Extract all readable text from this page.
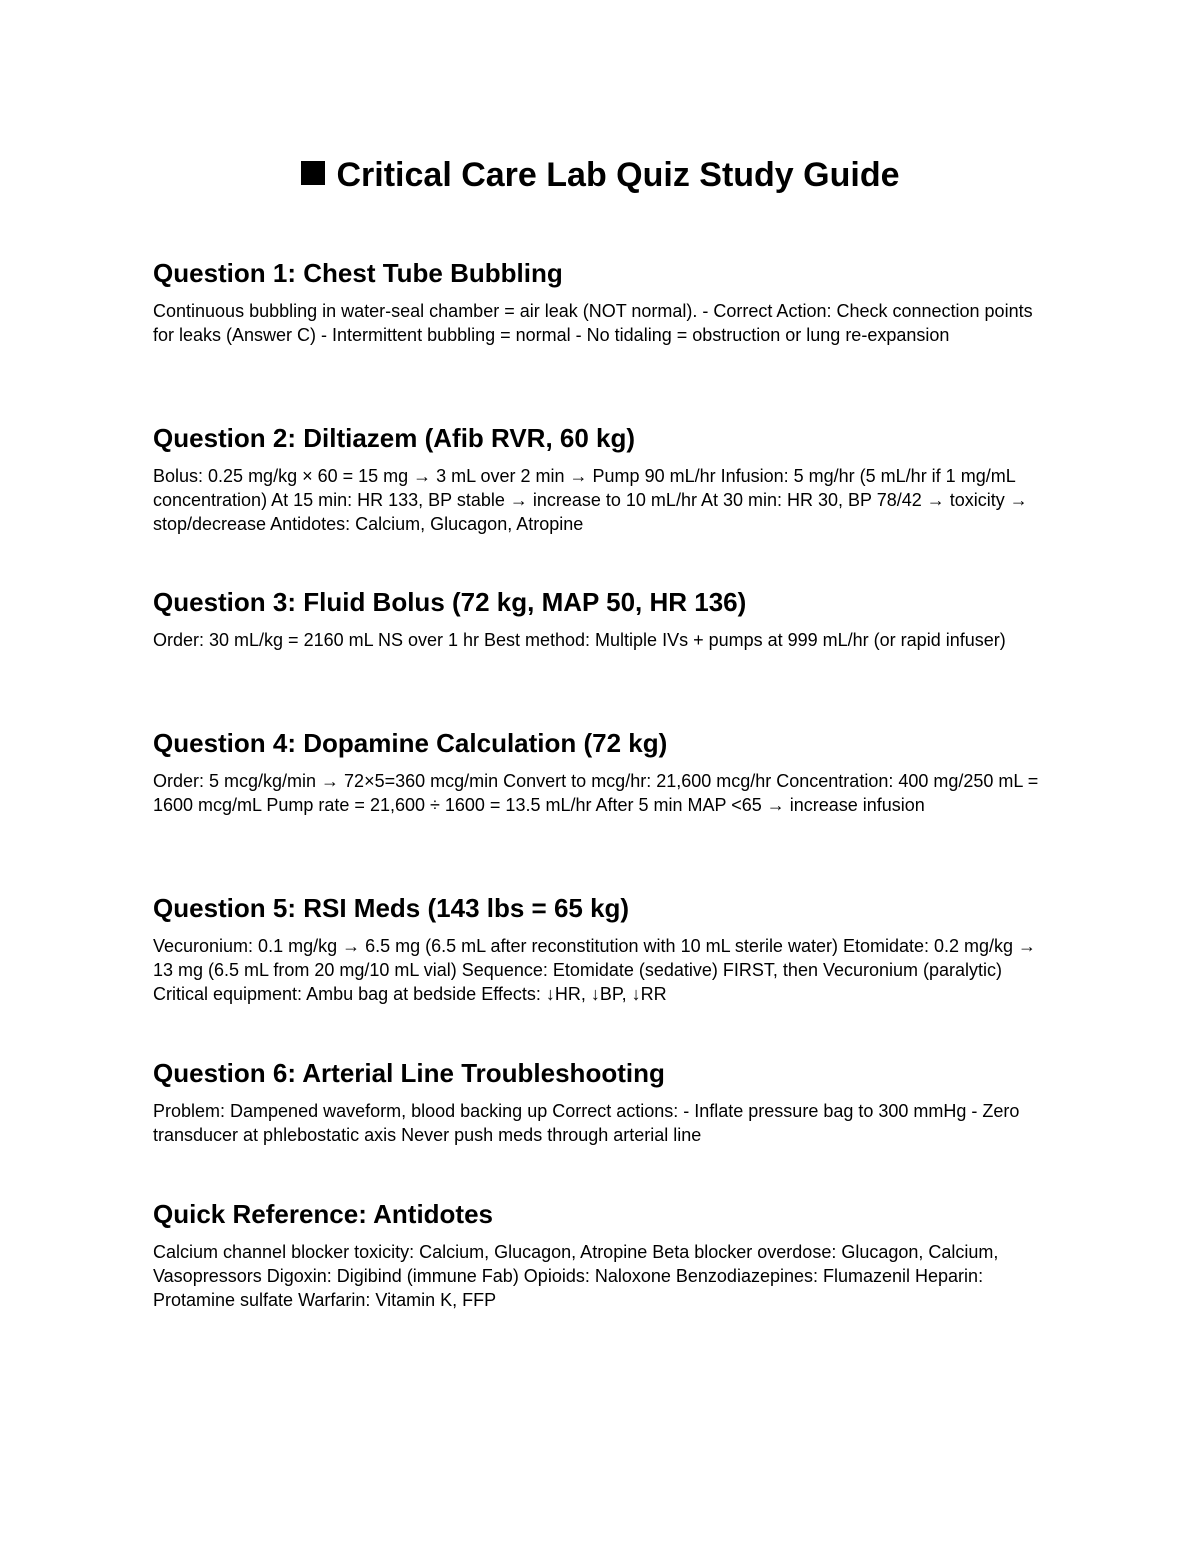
Critical Care Lab Quiz Study Guide
Question 1: Chest Tube Bubbling

Continuous bubbling in water-seal chamber = air leak (NOT normal). - Correct Action: Check connection points for leaks (Answer C) - Intermittent bubbling = normal - No tidaling = obstruction or lung re-expansion

Question 2: Diltiazem (Afib RVR, 60 kg)

Bolus: 0.25 mg/kg × 60 = 15 mg → 3 mL over 2 min → Pump 90 mL/hr Infusion: 5 mg/hr (5 mL/hr if 1 mg/mL concentration) At 15 min: HR 133, BP stable → increase to 10 mL/hr At 30 min: HR 30, BP 78/42 → toxicity → stop/decrease Antidotes: Calcium, Glucagon, Atropine

Question 3: Fluid Bolus (72 kg, MAP 50, HR 136)

Order: 30 mL/kg = 2160 mL NS over 1 hr Best method: Multiple IVs + pumps at 999 mL/hr (or rapid infuser)

Question 4: Dopamine Calculation (72 kg)

Order: 5 mcg/kg/min → 72×5=360 mcg/min Convert to mcg/hr: 21,600 mcg/hr Concentration: 400 mg/250 mL = 1600 mcg/mL Pump rate = 21,600 ÷ 1600 = 13.5 mL/hr After 5 min MAP <65 → increase infusion

Question 5: RSI Meds (143 lbs = 65 kg)

Vecuronium: 0.1 mg/kg → 6.5 mg (6.5 mL after reconstitution with 10 mL sterile water) Etomidate: 0.2 mg/kg → 13 mg (6.5 mL from 20 mg/10 mL vial) Sequence: Etomidate (sedative) FIRST, then Vecuronium (paralytic) Critical equipment: Ambu bag at bedside Effects: ↓HR, ↓BP, ↓RR

Question 6: Arterial Line Troubleshooting

Problem: Dampened waveform, blood backing up Correct actions: - Inflate pressure bag to 300 mmHg - Zero transducer at phlebostatic axis Never push meds through arterial line

Quick Reference: Antidotes

Calcium channel blocker toxicity: Calcium, Glucagon, Atropine Beta blocker overdose: Glucagon, Calcium, Vasopressors Digoxin: Digibind (immune Fab) Opioids: Naloxone Benzodiazepines: Flumazenil Heparin: Protamine sulfate Warfarin: Vitamin K, FFP
